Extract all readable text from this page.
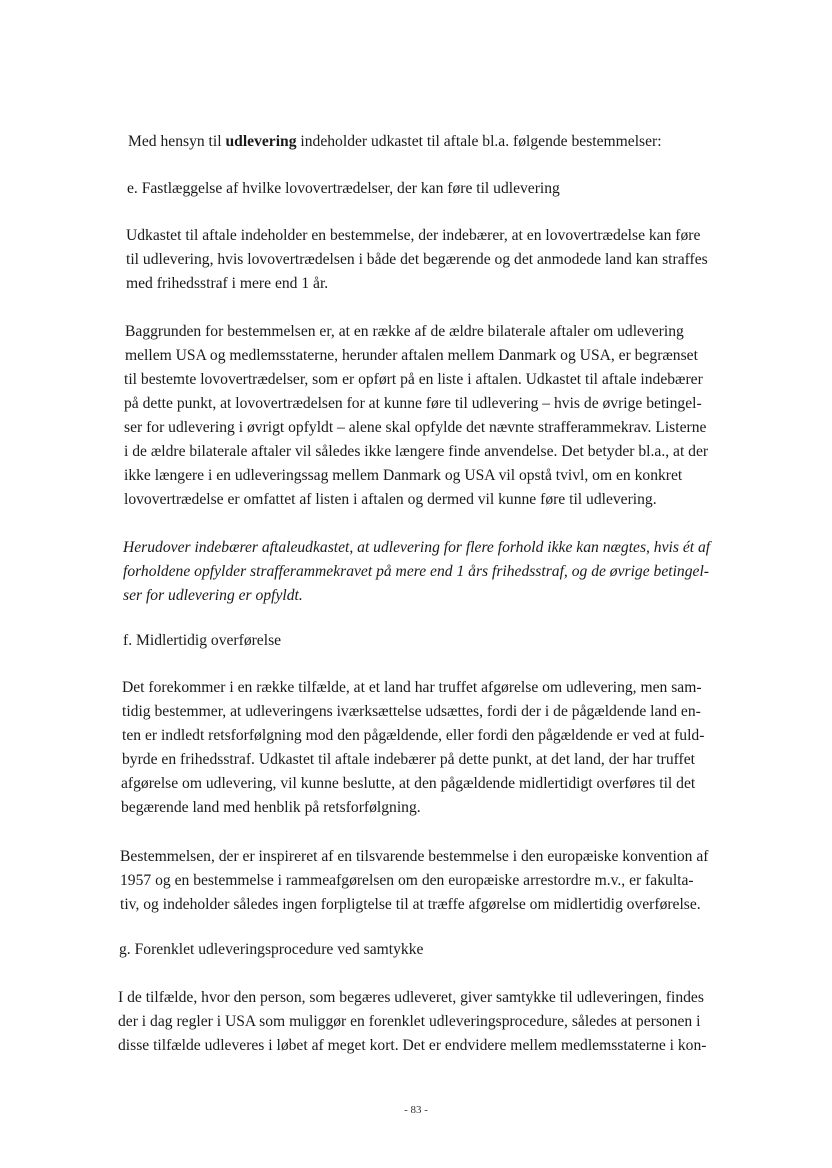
Med hensyn til udlevering indeholder udkastet til aftale bl.a. følgende bestemmelser:
e. Fastlæggelse af hvilke lovovertrædelser, der kan føre til udlevering
Udkastet til aftale indeholder en bestemmelse, der indebærer, at en lovovertrædelse kan føre
til udlevering, hvis lovovertrædelsen i både det begærende og det anmodede land kan straffes
med frihedsstraf i mere end 1 år.
Baggrunden for bestemmelsen er, at en række af de ældre bilaterale aftaler om udlevering
mellem USA og medlemsstaterne, herunder aftalen mellem Danmark og USA, er begrænset
til bestemte lovovertrædelser, som er opført på en liste i aftalen. Udkastet til aftale indebærer
på dette punkt, at lovovertrædelsen for at kunne føre til udlevering – hvis de øvrige betingel-
ser for udlevering i øvrigt opfyldt – alene skal opfylde det nævnte strafferammekrav. Listerne
i de ældre bilaterale aftaler vil således ikke længere finde anvendelse. Det betyder bl.a., at der
ikke længere i en udleveringssag mellem Danmark og USA vil opstå tvivl, om en konkret
lovovertrædelse er omfattet af listen i aftalen og dermed vil kunne føre til udlevering.
Herudover indebærer aftaleudkastet, at udlevering for flere forhold ikke kan nægtes, hvis ét af
forholdene opfylder strafferammekravet på mere end 1 års frihedsstraf, og de øvrige betingel-
ser for udlevering er opfyldt.
f. Midlertidig overførelse
Det forekommer i en række tilfælde, at et land har truffet afgørelse om udlevering, men sam-
tidig bestemmer, at udleveringens iværksættelse udsættes, fordi der i de pågældende land en-
ten er indledt retsforfølgning mod den pågældende, eller fordi den pågældende er ved at fuld-
byrde en frihedsstraf. Udkastet til aftale indebærer på dette punkt, at det land, der har truffet
afgørelse om udlevering, vil kunne beslutte, at den pågældende midlertidigt overføres til det
begærende land med henblik på retsforfølgning.
Bestemmelsen, der er inspireret af en tilsvarende bestemmelse i den europæiske konvention af
1957 og en bestemmelse i rammeafgørelsen om den europæiske arrestordre m.v., er fakulta-
tiv, og indeholder således ingen forpligtelse til at træffe afgørelse om midlertidig overførelse.
g. Forenklet udleveringsprocedure ved samtykke
I de tilfælde, hvor den person, som begæres udleveret, giver samtykke til udleveringen, findes
der i dag regler i USA som muliggør en forenklet udleveringsprocedure, således at personen i
disse tilfælde udleveres i løbet af meget kort. Det er endvidere mellem medlemsstaterne i kon-
- 83 -
